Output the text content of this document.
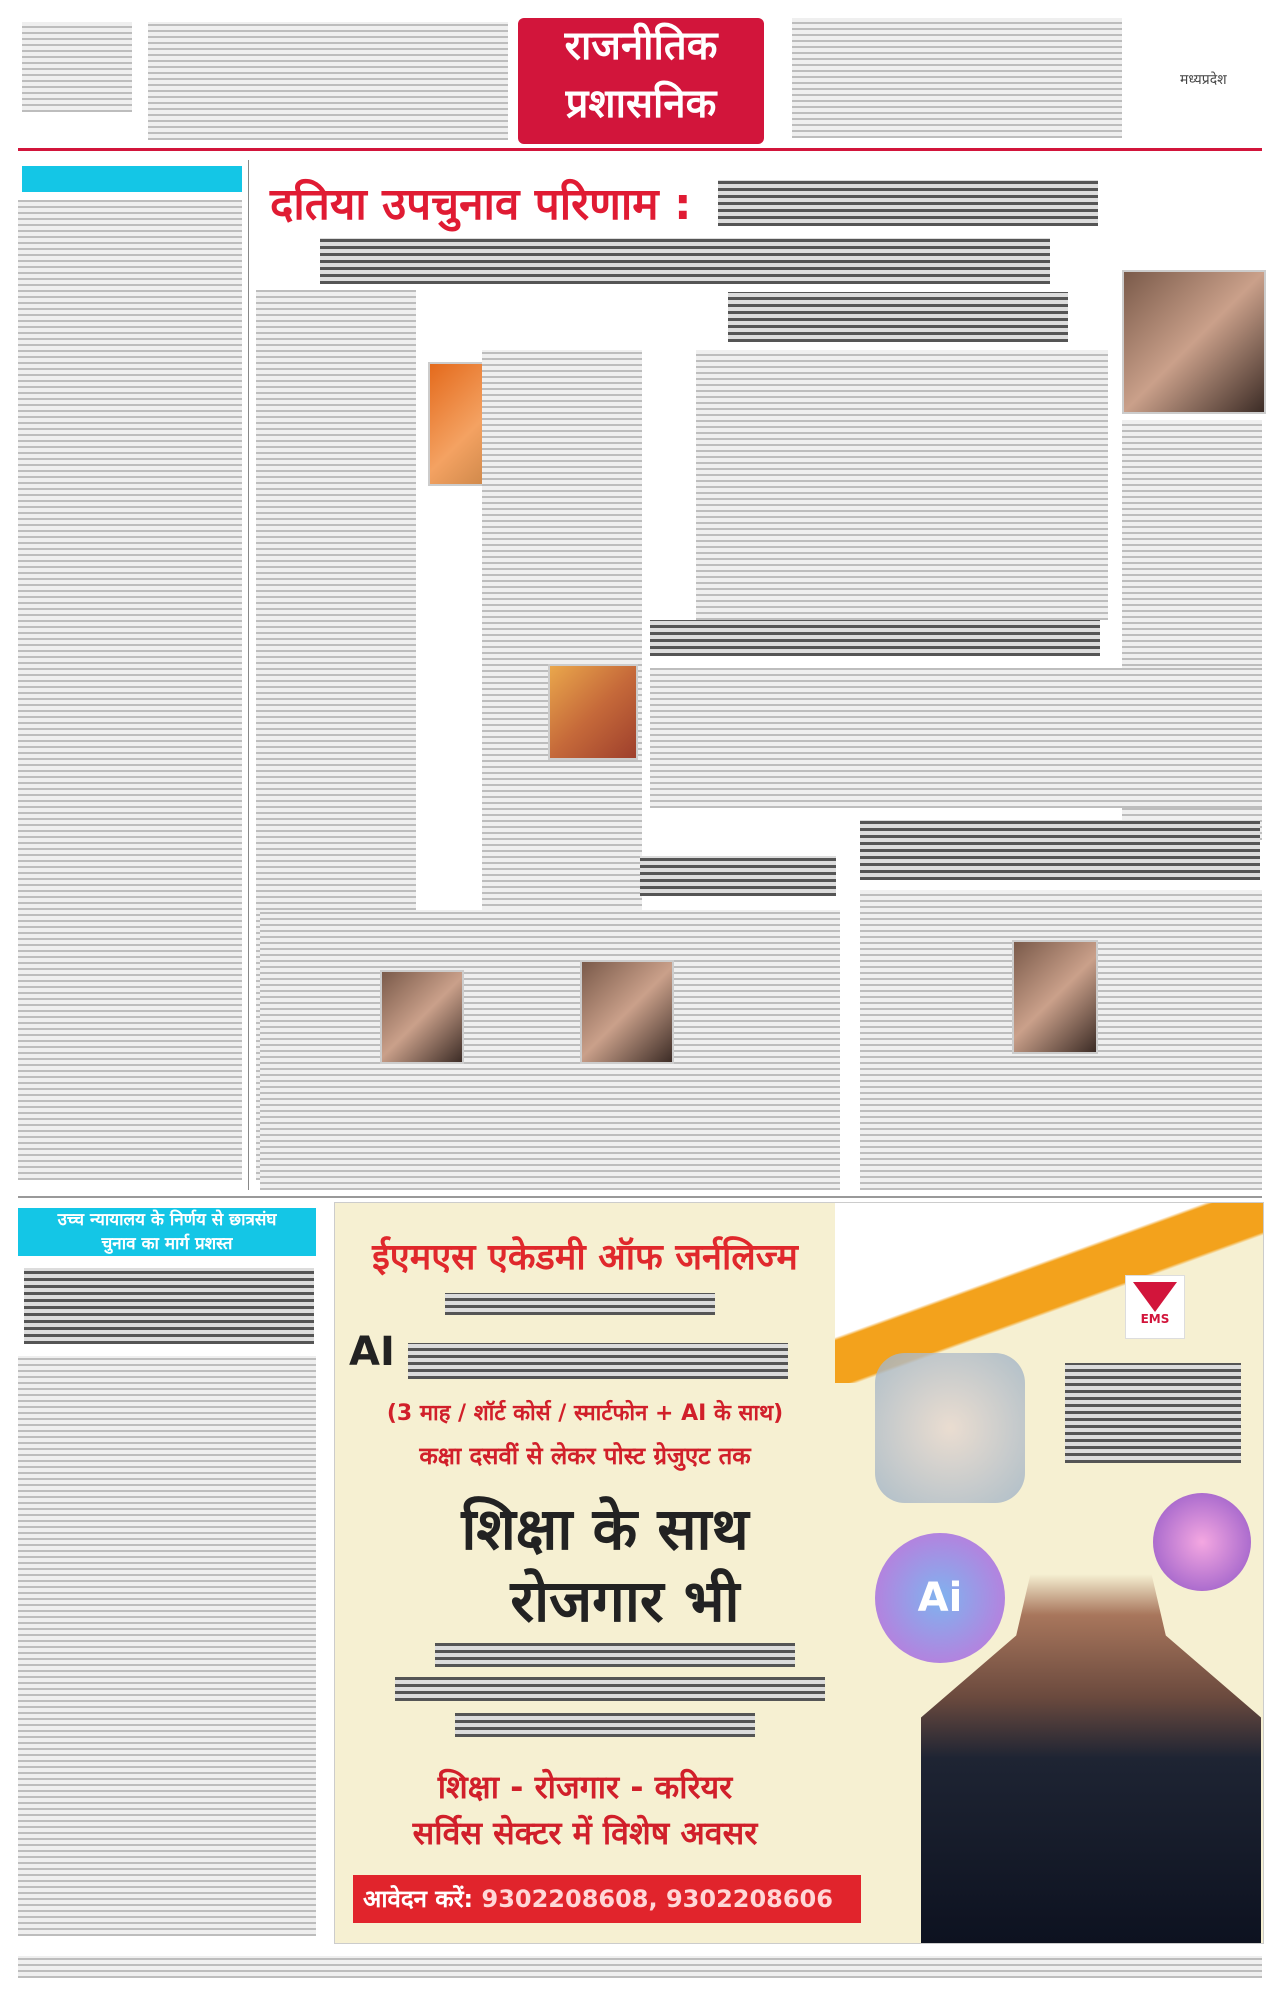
राजनीतिक
प्रशासनिक
मध्यप्रदेश
दतिया उपचुनाव परिणाम :
उच्च न्यायालय के निर्णय से छात्रसंघ
चुनाव का मार्ग प्रशस्त	ईएमएस एकेडमी ऑफ जर्नलिज्म
AI
(3 माह / शॉर्ट कोर्स / स्मार्टफोन + AI के साथ)
कक्षा दसवीं से लेकर पोस्ट ग्रेजुएट तक
शिक्षा के साथ
रोजगार भी
शिक्षा - रोजगार - करियर
सर्विस सेक्टर में विशेष अवसर
आवेदन करें: 9302208608, 9302208606
EMS
Ai
